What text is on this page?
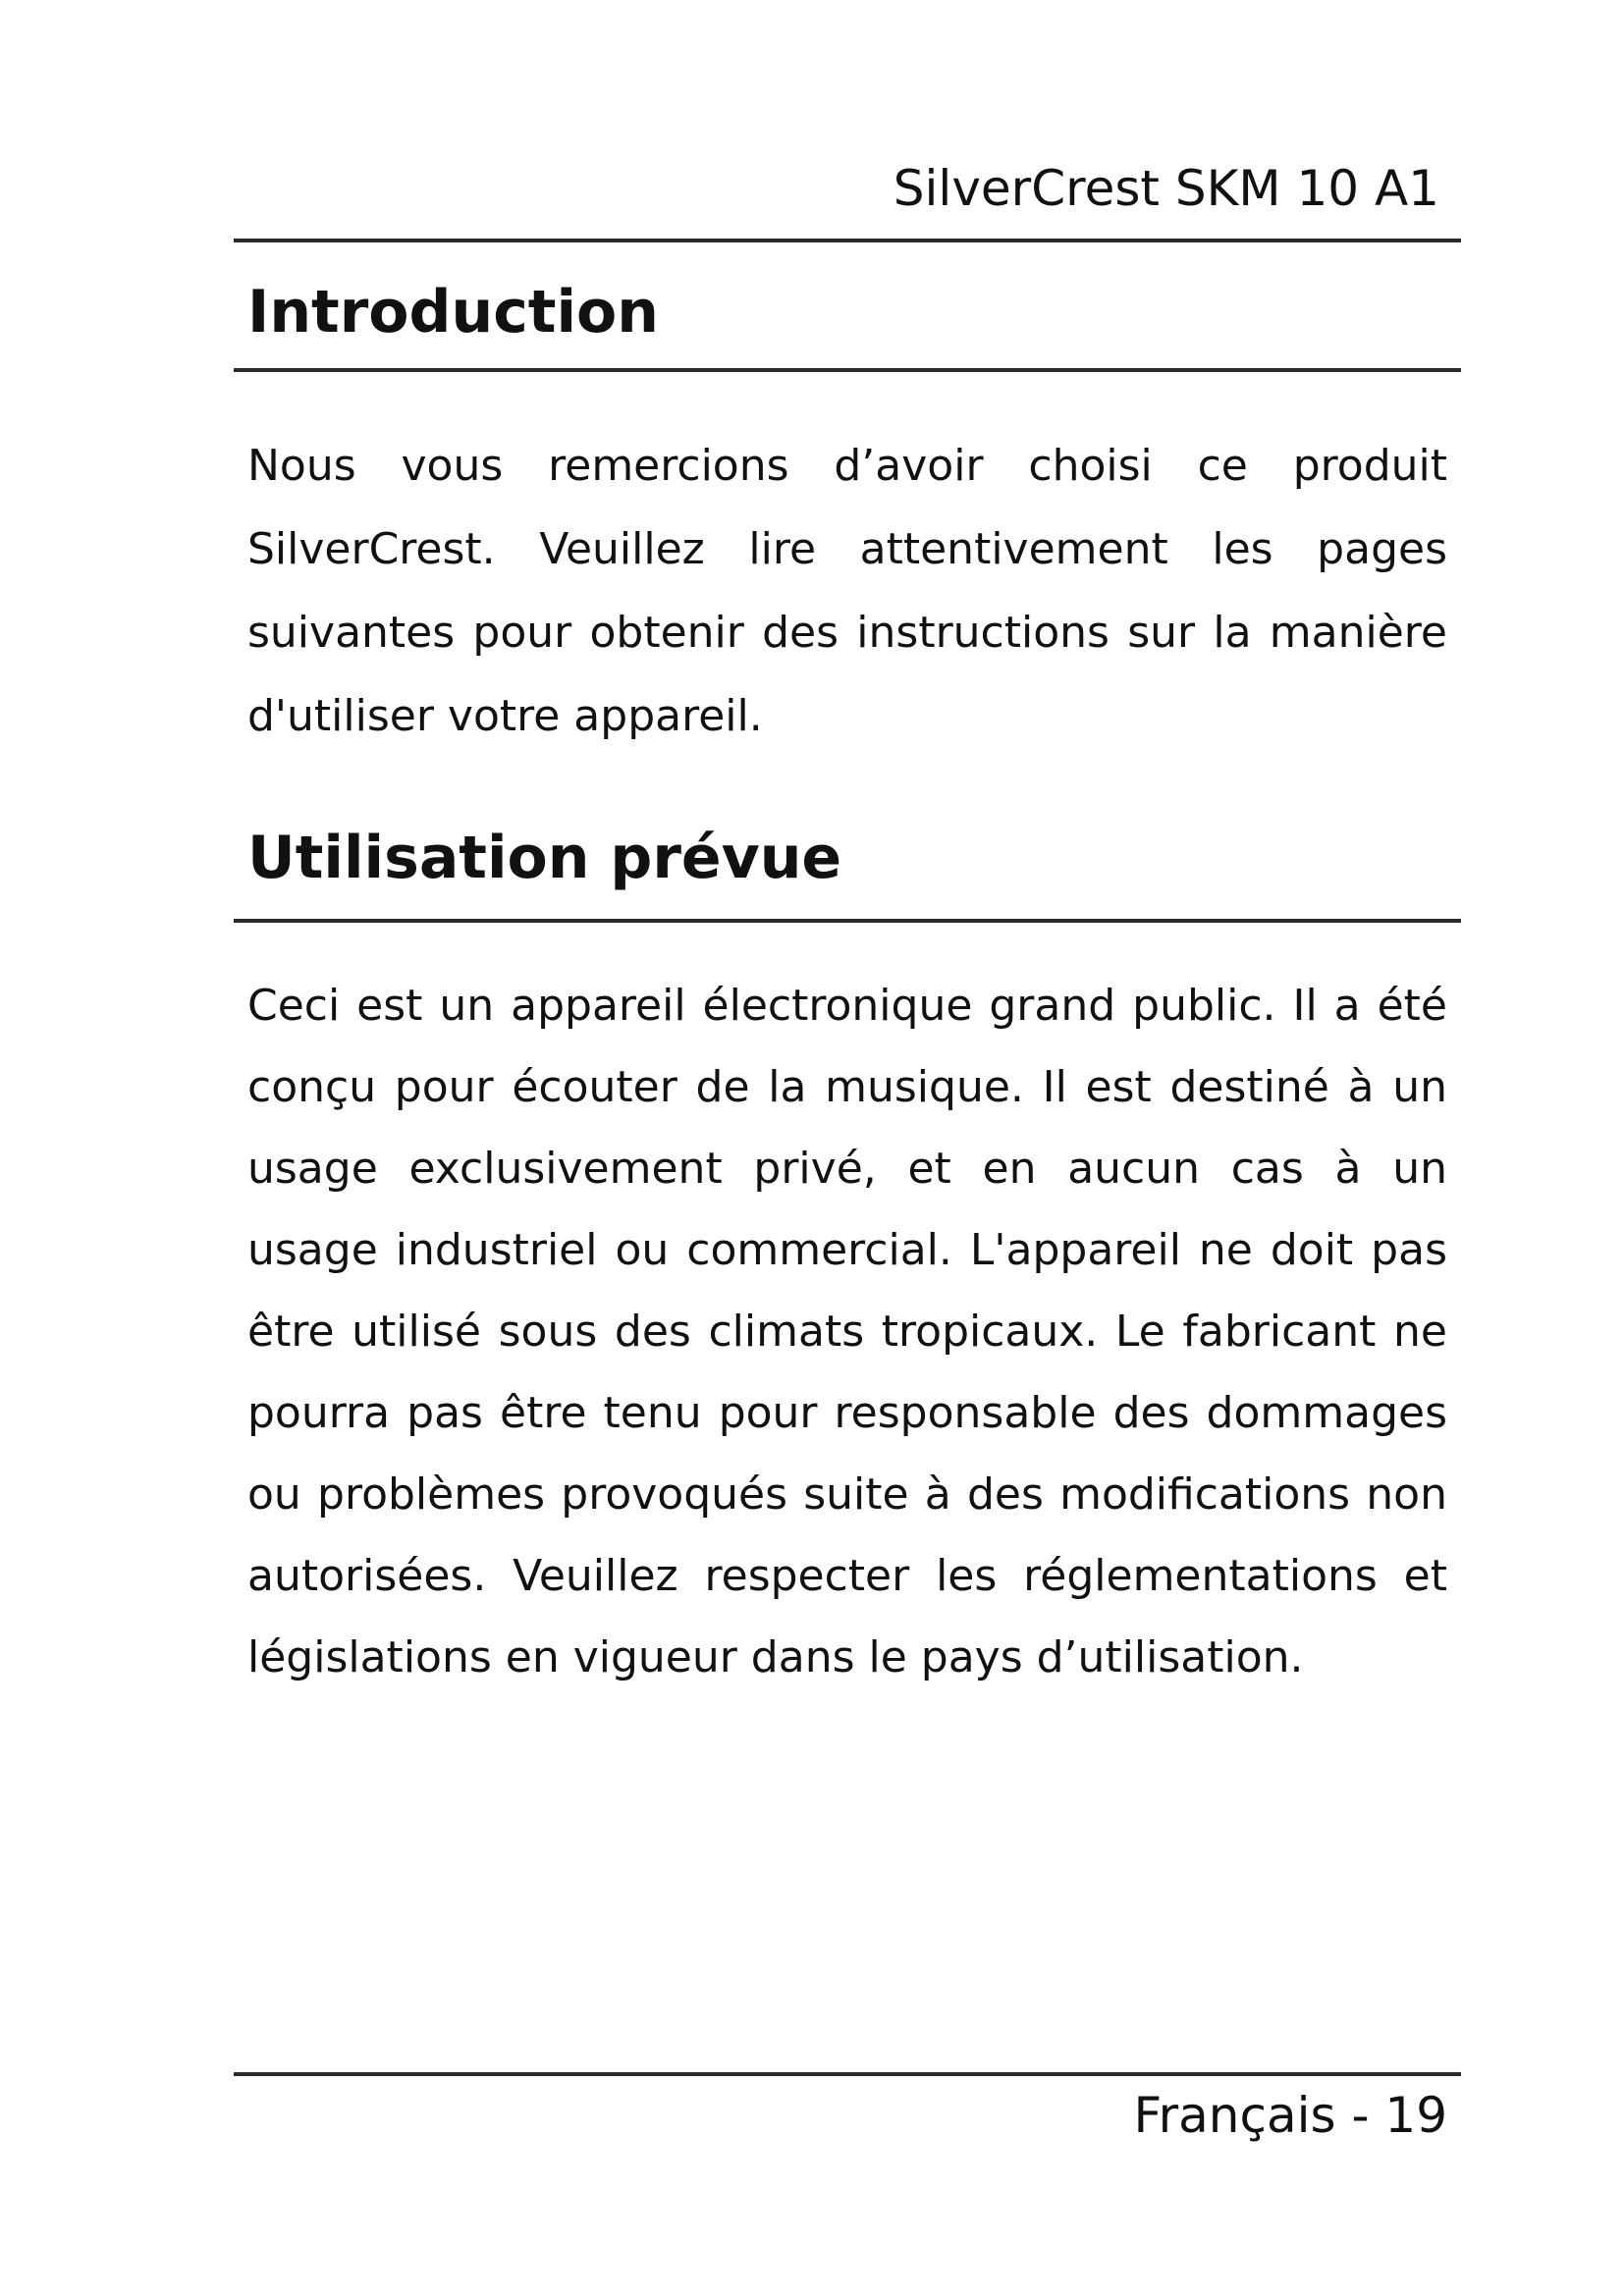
SilverCrest SKM 10 A1
Introduction

Nous vous remercions d’avoir choisi ce produit SilverCrest. Veuillez lire attentivement les pages suivantes pour obtenir des instructions sur la manière d'utiliser votre appareil.

Utilisation prévue

Ceci est un appareil électronique grand public. Il a été conçu pour écouter de la musique. Il est destiné à un usage exclusivement privé, et en aucun cas à un usage industriel ou commercial. L'appareil ne doit pas être utilisé sous des climats tropicaux. Le fabricant ne pourra pas être tenu pour responsable des dommages ou problèmes provoqués suite à des modifications non autorisées. Veuillez respecter les réglementations et législations en vigueur dans le pays d’utilisation.

Français - 19
